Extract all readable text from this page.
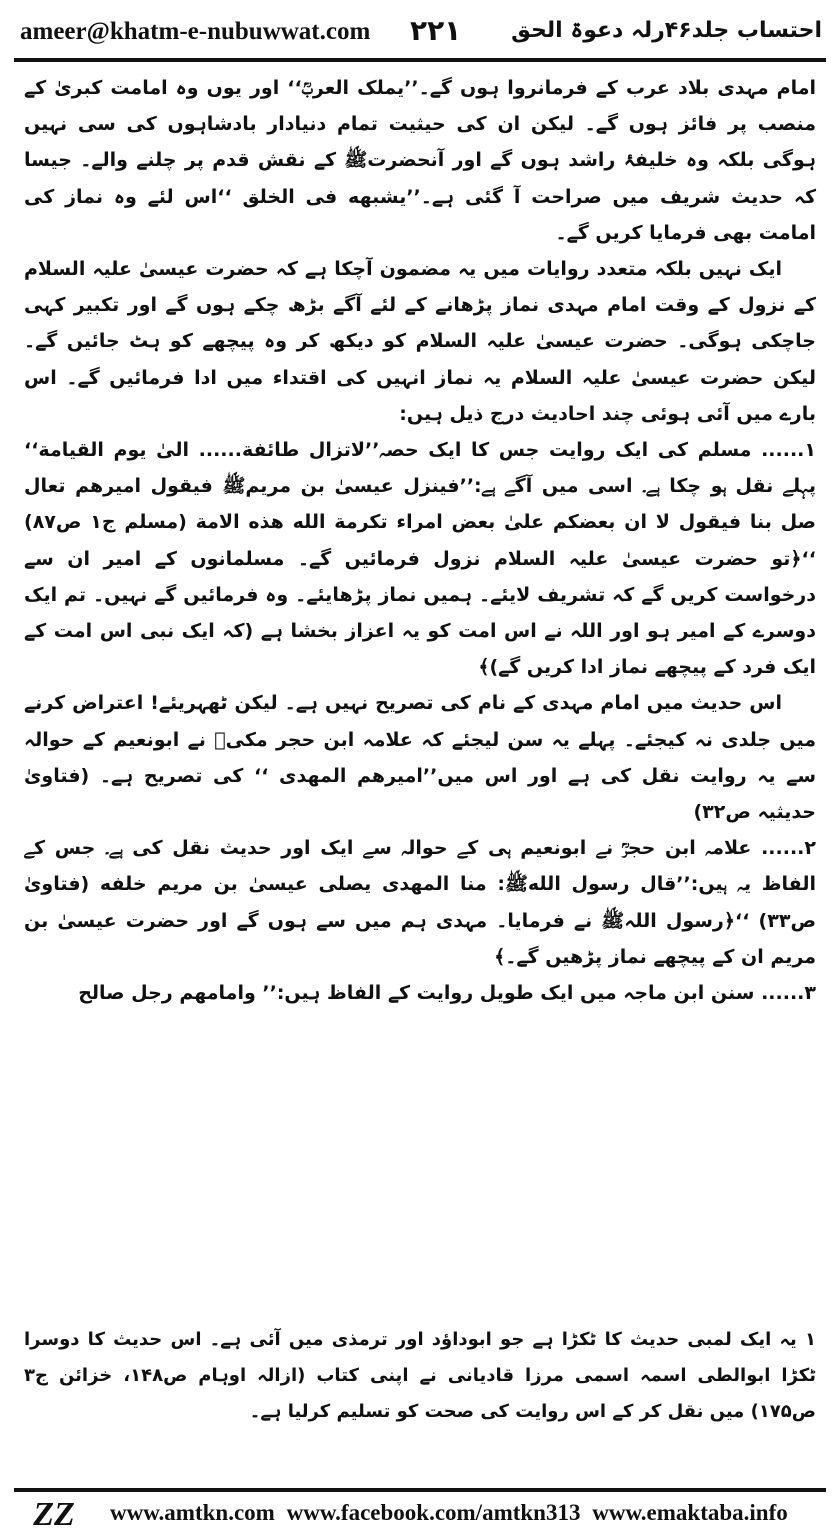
ameer@khatm-e-nubuwwat.com ۲۲۱ احتساب جلد۴۶رلہ دعوۃ الحق

امام مہدی بلاد عرب کے فرمانروا ہوں گے۔’’یملک العربؒ‘‘ اور یوں وہ امامت کبریٰ کے منصب پر فائز ہوں گے۔ لیکن ان کی حیثیت تمام دنیادار بادشاہوں کی سی نہیں ہوگی بلکہ وہ خلیفۂ راشد ہوں گے اور آنحضرتﷺ کے نقش قدم پر چلنے والے۔ جیسا کہ حدیث شریف میں صراحت آ گئی ہے۔’’یشبهه فی الخلق ‘‘اس لئے وہ نماز کی امامت بھی فرمایا کریں گے۔

ایک نہیں بلکہ متعدد روایات میں یہ مضمون آچکا ہے کہ حضرت عیسیٰ علیہ السلام کے نزول کے وقت امام مہدی نماز پڑھانے کے لئے آگے بڑھ چکے ہوں گے اور تکبیر کہی جاچکی ہوگی۔ حضرت عیسیٰ علیہ السلام کو دیکھ کر وہ پیچھے کو ہٹ جائیں گے۔ لیکن حضرت عیسیٰ علیہ السلام یہ نماز انہیں کی اقتداء میں ادا فرمائیں گے۔ اس بارے میں آئی ہوئی چند احادیث درج ذیل ہیں:

۱...... مسلم کی ایک روایت جس کا ایک حصہ’’لاتزال طائفة...... الیٰ یوم القیامة‘‘ پہلے نقل ہو چکا ہے۔ اسی میں آگے ہے:’’فینزل عیسیٰ بن مریمﷺ فیقول امیرهم تعال صل بنا فیقول لا ان بعضکم علیٰ بعض امراء تکرمة الله هذه الامة (مسلم ج۱ ص۸۷) ‘‘﴿تو حضرت عیسیٰ علیہ السلام نزول فرمائیں گے۔ مسلمانوں کے امیر ان سے درخواست کریں گے کہ تشریف لایئے۔ ہمیں نماز پڑھایئے۔ وہ فرمائیں گے نہیں۔ تم ایک دوسرے کے امیر ہو اور اللہ نے اس امت کو یہ اعزاز بخشا ہے (کہ ایک نبی اس امت کے ایک فرد کے پیچھے نماز ادا کریں گے)﴾

اس حدیث میں امام مہدی کے نام کی تصریح نہیں ہے۔ لیکن ٹھہریئے! اعتراض کرنے میں جلدی نہ کیجئے۔ پہلے یہ سن لیجئے کہ علامہ ابن حجر مکیؒ نے ابونعیم کے حوالہ سے یہ روایت نقل کی ہے اور اس میں’’امیرهم المهدی ‘‘ کی تصریح ہے۔ (فتاویٰ حدیثیہ ص۳۲)

۲...... علامہ ابن حجرؒ نے ابونعیم ہی کے حوالہ سے ایک اور حدیث نقل کی ہے۔ جس کے الفاظ یہ ہیں:’’قال رسول اللهﷺ: منا المهدی یصلی عیسیٰ بن مریم خلفه (فتاویٰ ص۳۳) ‘‘﴿رسول اللہﷺ نے فرمایا۔ مہدی ہم میں سے ہوں گے اور حضرت عیسیٰ بن مریم ان کے پیچھے نماز پڑھیں گے۔﴾

۳...... سنن ابن ماجہ میں ایک طویل روایت کے الفاظ ہیں:’’ وامامهم رجل صالح

۱ یہ ایک لمبی حدیث کا ٹکڑا ہے جو ابوداؤد اور ترمذی میں آئی ہے۔ اس حدیث کا دوسرا ٹکڑا ابوالطی اسمہ اسمی مرزا قادیانی نے اپنی کتاب (ازالہ اوہام ص۱۴۸، خزائن ج۳ ص۱۷۵) میں نقل کر کے اس روایت کی صحت کو تسلیم کرلیا ہے۔

ZZ www.amtkn.com www.facebook.com/amtkn313 www.emaktaba.info
